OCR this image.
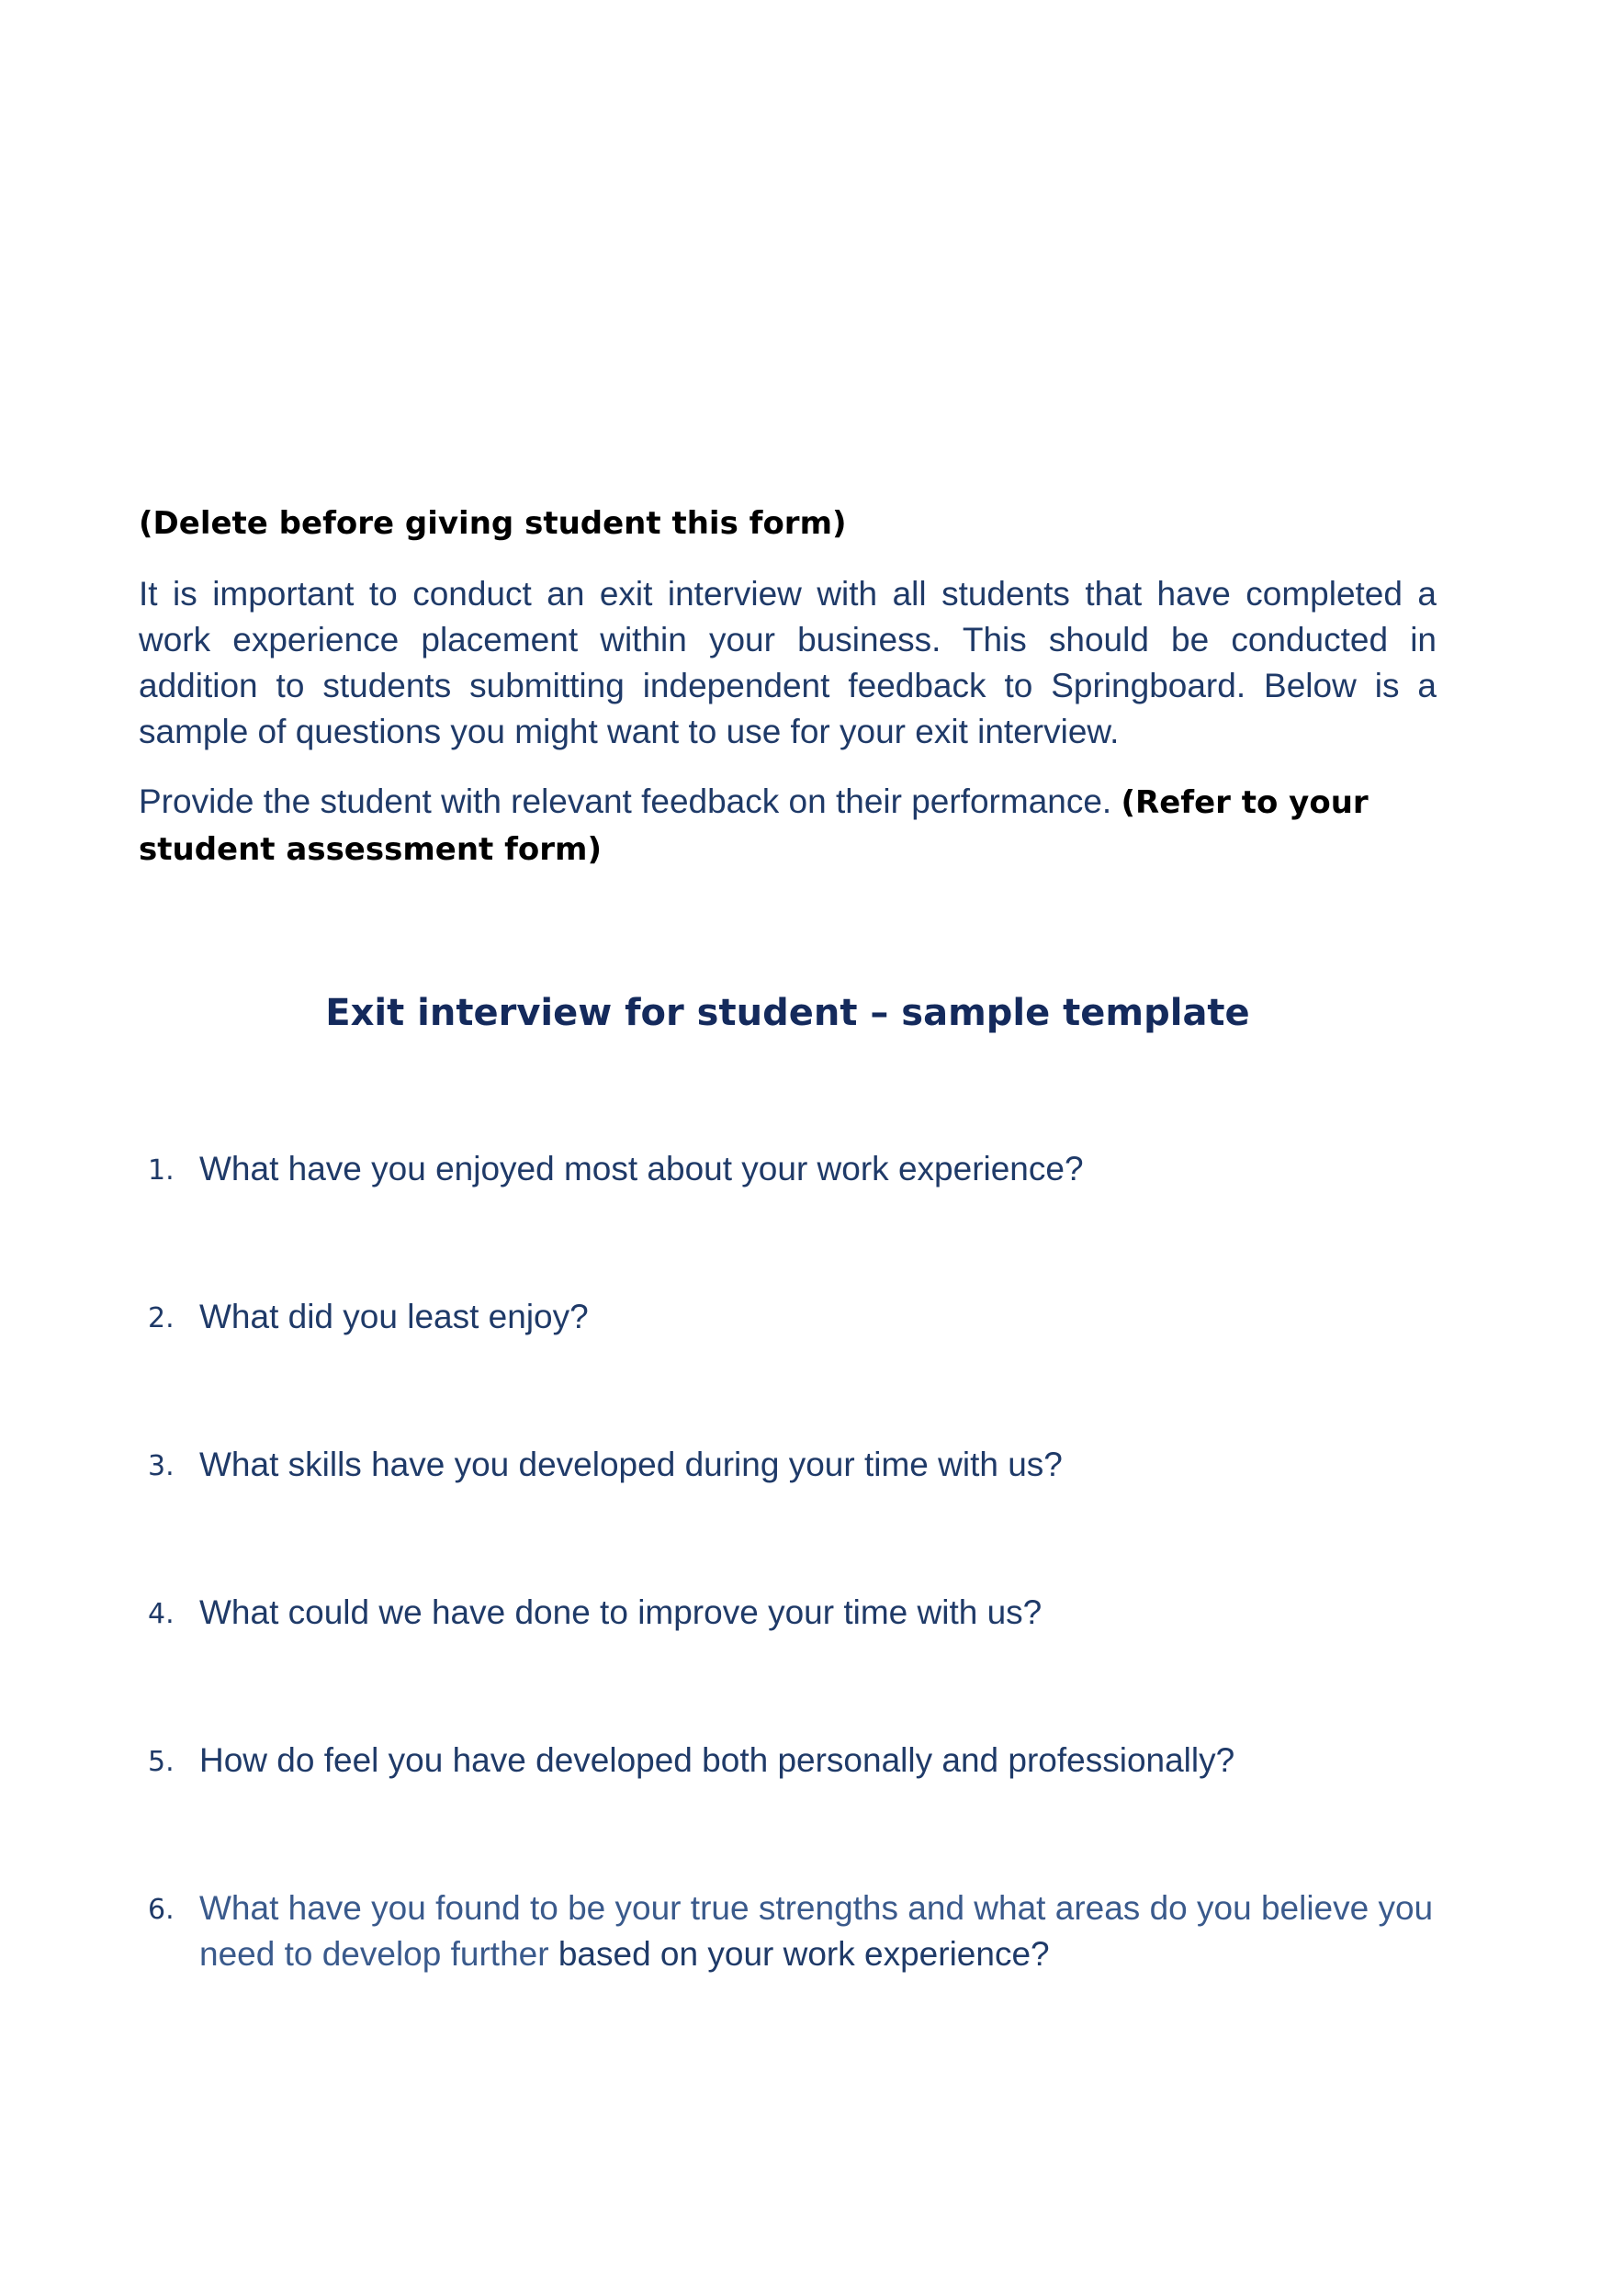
(Delete before giving student this form)

It is important to conduct an exit interview with all students that have completed a work experience placement within your business. This should be conducted in addition to students submitting independent feedback to Springboard. Below is a sample of questions you might want to use for your exit interview.

Provide the student with relevant feedback on their performance. (Refer to your student assessment form)

Exit interview for student – sample template
1. What have you enjoyed most about your work experience?
2. What did you least enjoy?
3. What skills have you developed during your time with us?
4. What could we have done to improve your time with us?
5. How do feel you have developed both personally and professionally?
6. What have you found to be your true strengths and what areas do you believe you need to develop further based on your work experience?
